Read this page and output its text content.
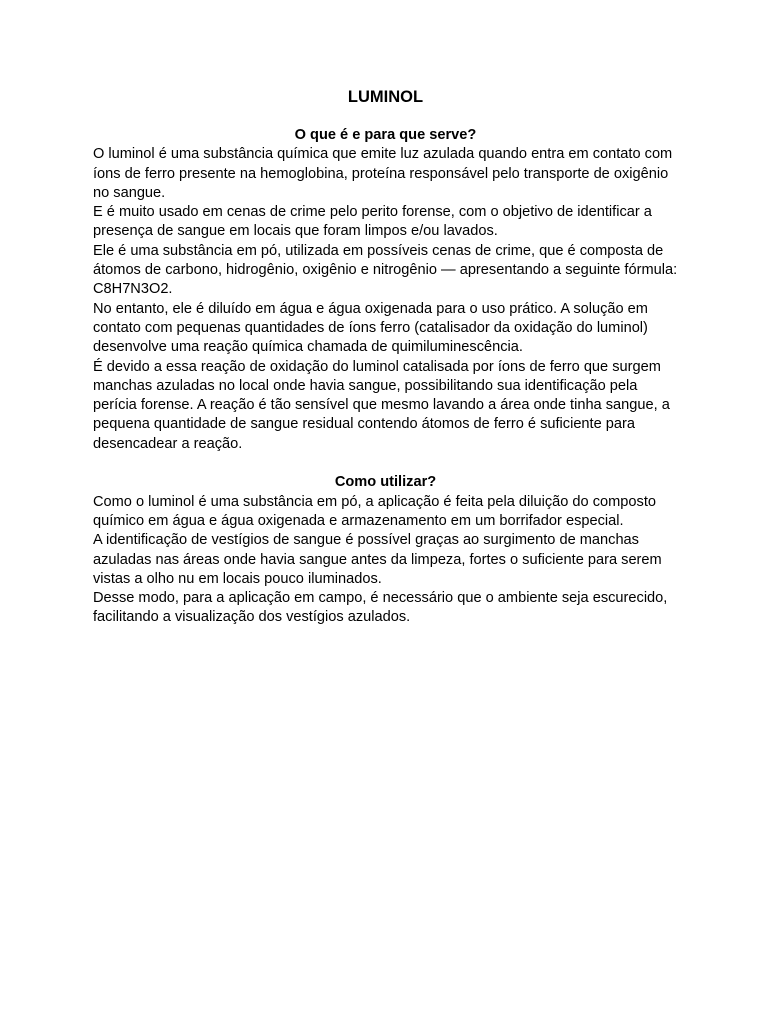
LUMINOL
O que é e para que serve?

O luminol é uma substância química que emite luz azulada quando entra em contato com íons de ferro presente na hemoglobina, proteína responsável pelo transporte de oxigênio no sangue.

E é muito usado em cenas de crime pelo perito forense, com o objetivo de identificar a presença de sangue em locais que foram limpos e/ou lavados.

Ele é uma substância em pó, utilizada em possíveis cenas de crime, que é composta de átomos de carbono, hidrogênio, oxigênio e nitrogênio — apresentando a seguinte fórmula: C8H7N3O2.

No entanto, ele é diluído em água e água oxigenada para o uso prático. A solução em contato com pequenas quantidades de íons ferro (catalisador da oxidação do luminol) desenvolve uma reação química chamada de quimiluminescência.

É devido a essa reação de oxidação do luminol catalisada por íons de ferro que surgem manchas azuladas no local onde havia sangue, possibilitando sua identificação pela perícia forense. A reação é tão sensível que mesmo lavando a área onde tinha sangue, a pequena quantidade de sangue residual contendo átomos de ferro é suficiente para desencadear a reação.

Como utilizar?

Como o luminol é uma substância em pó, a aplicação é feita pela diluição do composto químico em água e água oxigenada e armazenamento em um borrifador especial.

A identificação de vestígios de sangue é possível graças ao surgimento de manchas azuladas nas áreas onde havia sangue antes da limpeza, fortes o suficiente para serem vistas a olho nu em locais pouco iluminados.

Desse modo, para a aplicação em campo, é necessário que o ambiente seja escurecido, facilitando a visualização dos vestígios azulados.
